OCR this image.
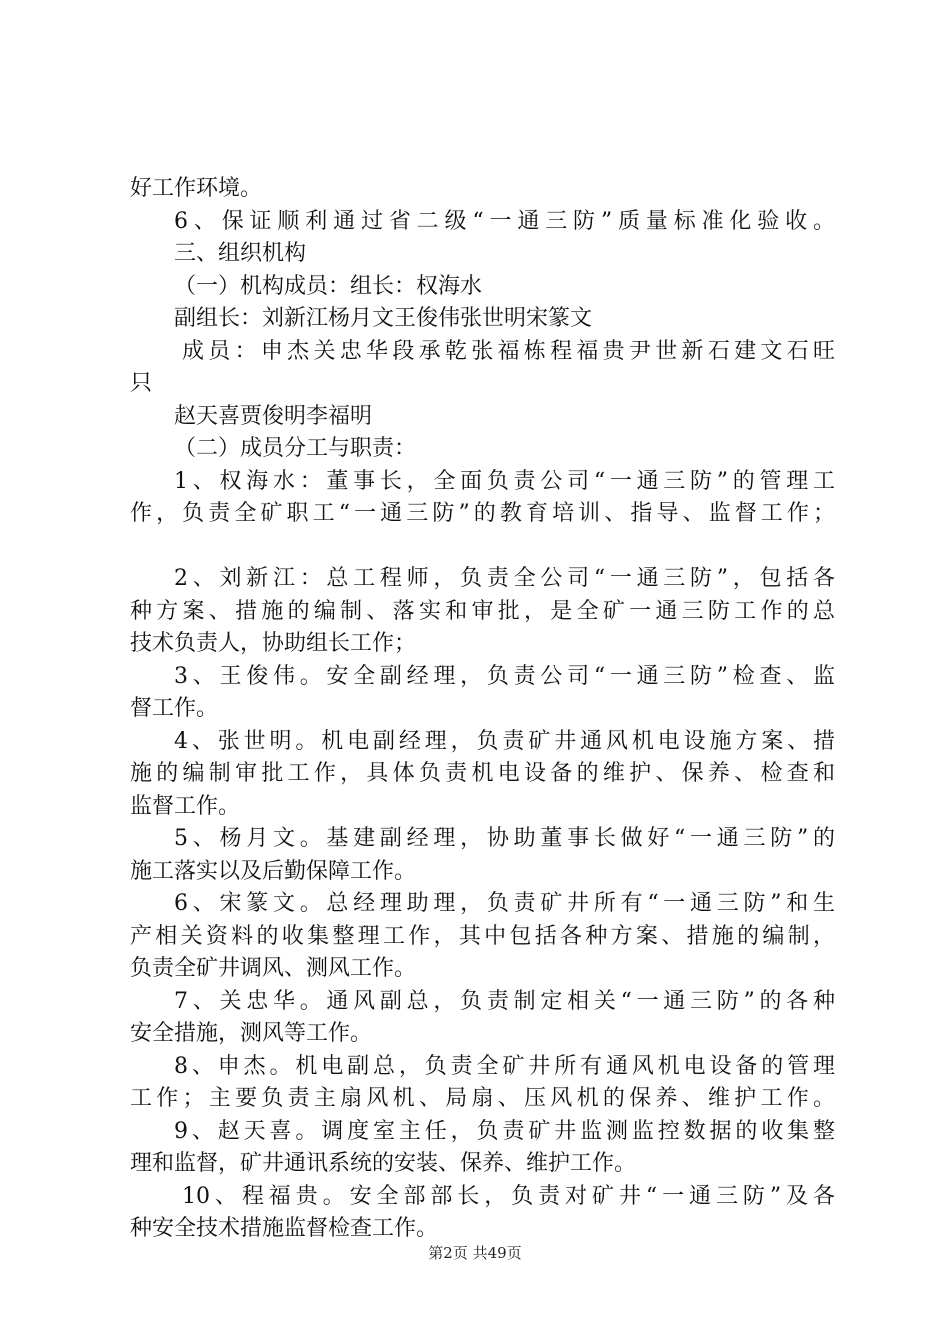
好工作环境。
6、保证顺利通过省二级“一通三防”质量标准化验收。
三、组织机构
（一）机构成员：组长：权海水
副组长：刘新江杨月文王俊伟张世明宋篆文
成员：申杰关忠华段承乾张福栋程福贵尹世新石建文石旺
只
赵天喜贾俊明李福明
（二）成员分工与职责：
1、权海水：董事长，全面负责公司“一通三防”的管理工
作，负责全矿职工“一通三防”的教育培训、指导、监督工作；
2、刘新江：总工程师，负责全公司“一通三防”，包括各
种方案、措施的编制、落实和审批，是全矿一通三防工作的总
技术负责人，协助组长工作；
3、王俊伟。安全副经理，负责公司“一通三防”检查、监
督工作。
4、张世明。机电副经理，负责矿井通风机电设施方案、措
施的编制审批工作，具体负责机电设备的维护、保养、检查和
监督工作。
5、杨月文。基建副经理，协助董事长做好“一通三防”的
施工落实以及后勤保障工作。
6、宋篆文。总经理助理，负责矿井所有“一通三防”和生
产相关资料的收集整理工作，其中包括各种方案、措施的编制，
负责全矿井调风、测风工作。
7、关忠华。通风副总，负责制定相关“一通三防”的各种
安全措施，测风等工作。
8、申杰。机电副总，负责全矿井所有通风机电设备的管理
工作；主要负责主扇风机、局扇、压风机的保养、维护工作。
9、赵天喜。调度室主任，负责矿井监测监控数据的收集整
理和监督，矿井通讯系统的安装、保养、维护工作。
10、程福贵。安全部部长，负责对矿井“一通三防”及各
种安全技术措施监督检查工作。
第2页 共49页
